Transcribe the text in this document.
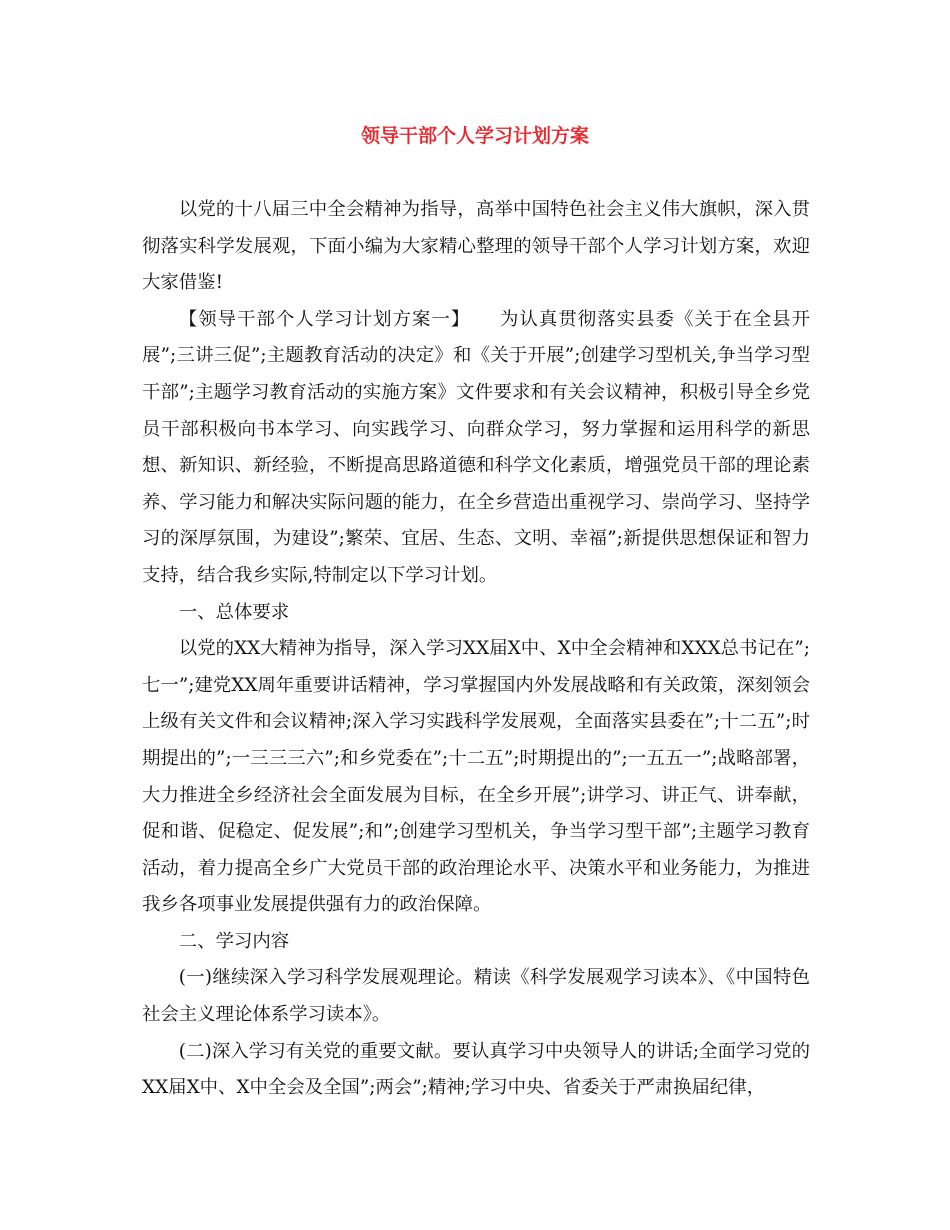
领导干部个人学习计划方案

以党的十八届三中全会精神为指导，高举中国特色社会主义伟大旗帜，深入贯彻落实科学发展观，下面小编为大家精心整理的领导干部个人学习计划方案，欢迎大家借鉴!

【领导干部个人学习计划方案一】　　为认真贯彻落实县委《关于在全县开展”;三讲三促”;主题教育活动的决定》和《关于开展”;创建学习型机关,争当学习型干部”;主题学习教育活动的实施方案》文件要求和有关会议精神，积极引导全乡党员干部积极向书本学习、向实践学习、向群众学习，努力掌握和运用科学的新思想、新知识、新经验，不断提高思路道德和科学文化素质，增强党员干部的理论素养、学习能力和解决实际问题的能力，在全乡营造出重视学习、崇尚学习、坚持学习的深厚氛围，为建设”;繁荣、宜居、生态、文明、幸福”;新提供思想保证和智力支持，结合我乡实际,特制定以下学习计划。

一、总体要求

以党的XX大精神为指导，深入学习XX届X中、X中全会精神和XXX总书记在”;七一”;建党XX周年重要讲话精神，学习掌握国内外发展战略和有关政策，深刻领会上级有关文件和会议精神;深入学习实践科学发展观，全面落实县委在”;十二五”;时期提出的”;一三三三六”;和乡党委在”;十二五”;时期提出的”;一五五一”;战略部署，大力推进全乡经济社会全面发展为目标，在全乡开展”;讲学习、讲正气、讲奉献，促和谐、促稳定、促发展”;和”;创建学习型机关，争当学习型干部”;主题学习教育活动，着力提高全乡广大党员干部的政治理论水平、决策水平和业务能力，为推进我乡各项事业发展提供强有力的政治保障。

二、学习内容

(一)继续深入学习科学发展观理论。精读《科学发展观学习读本》、《中国特色社会主义理论体系学习读本》。

(二)深入学习有关党的重要文献。要认真学习中央领导人的讲话;全面学习党的XX届X中、X中全会及全国”;两会”;精神;学习中央、省委关于严肃换届纪律，
